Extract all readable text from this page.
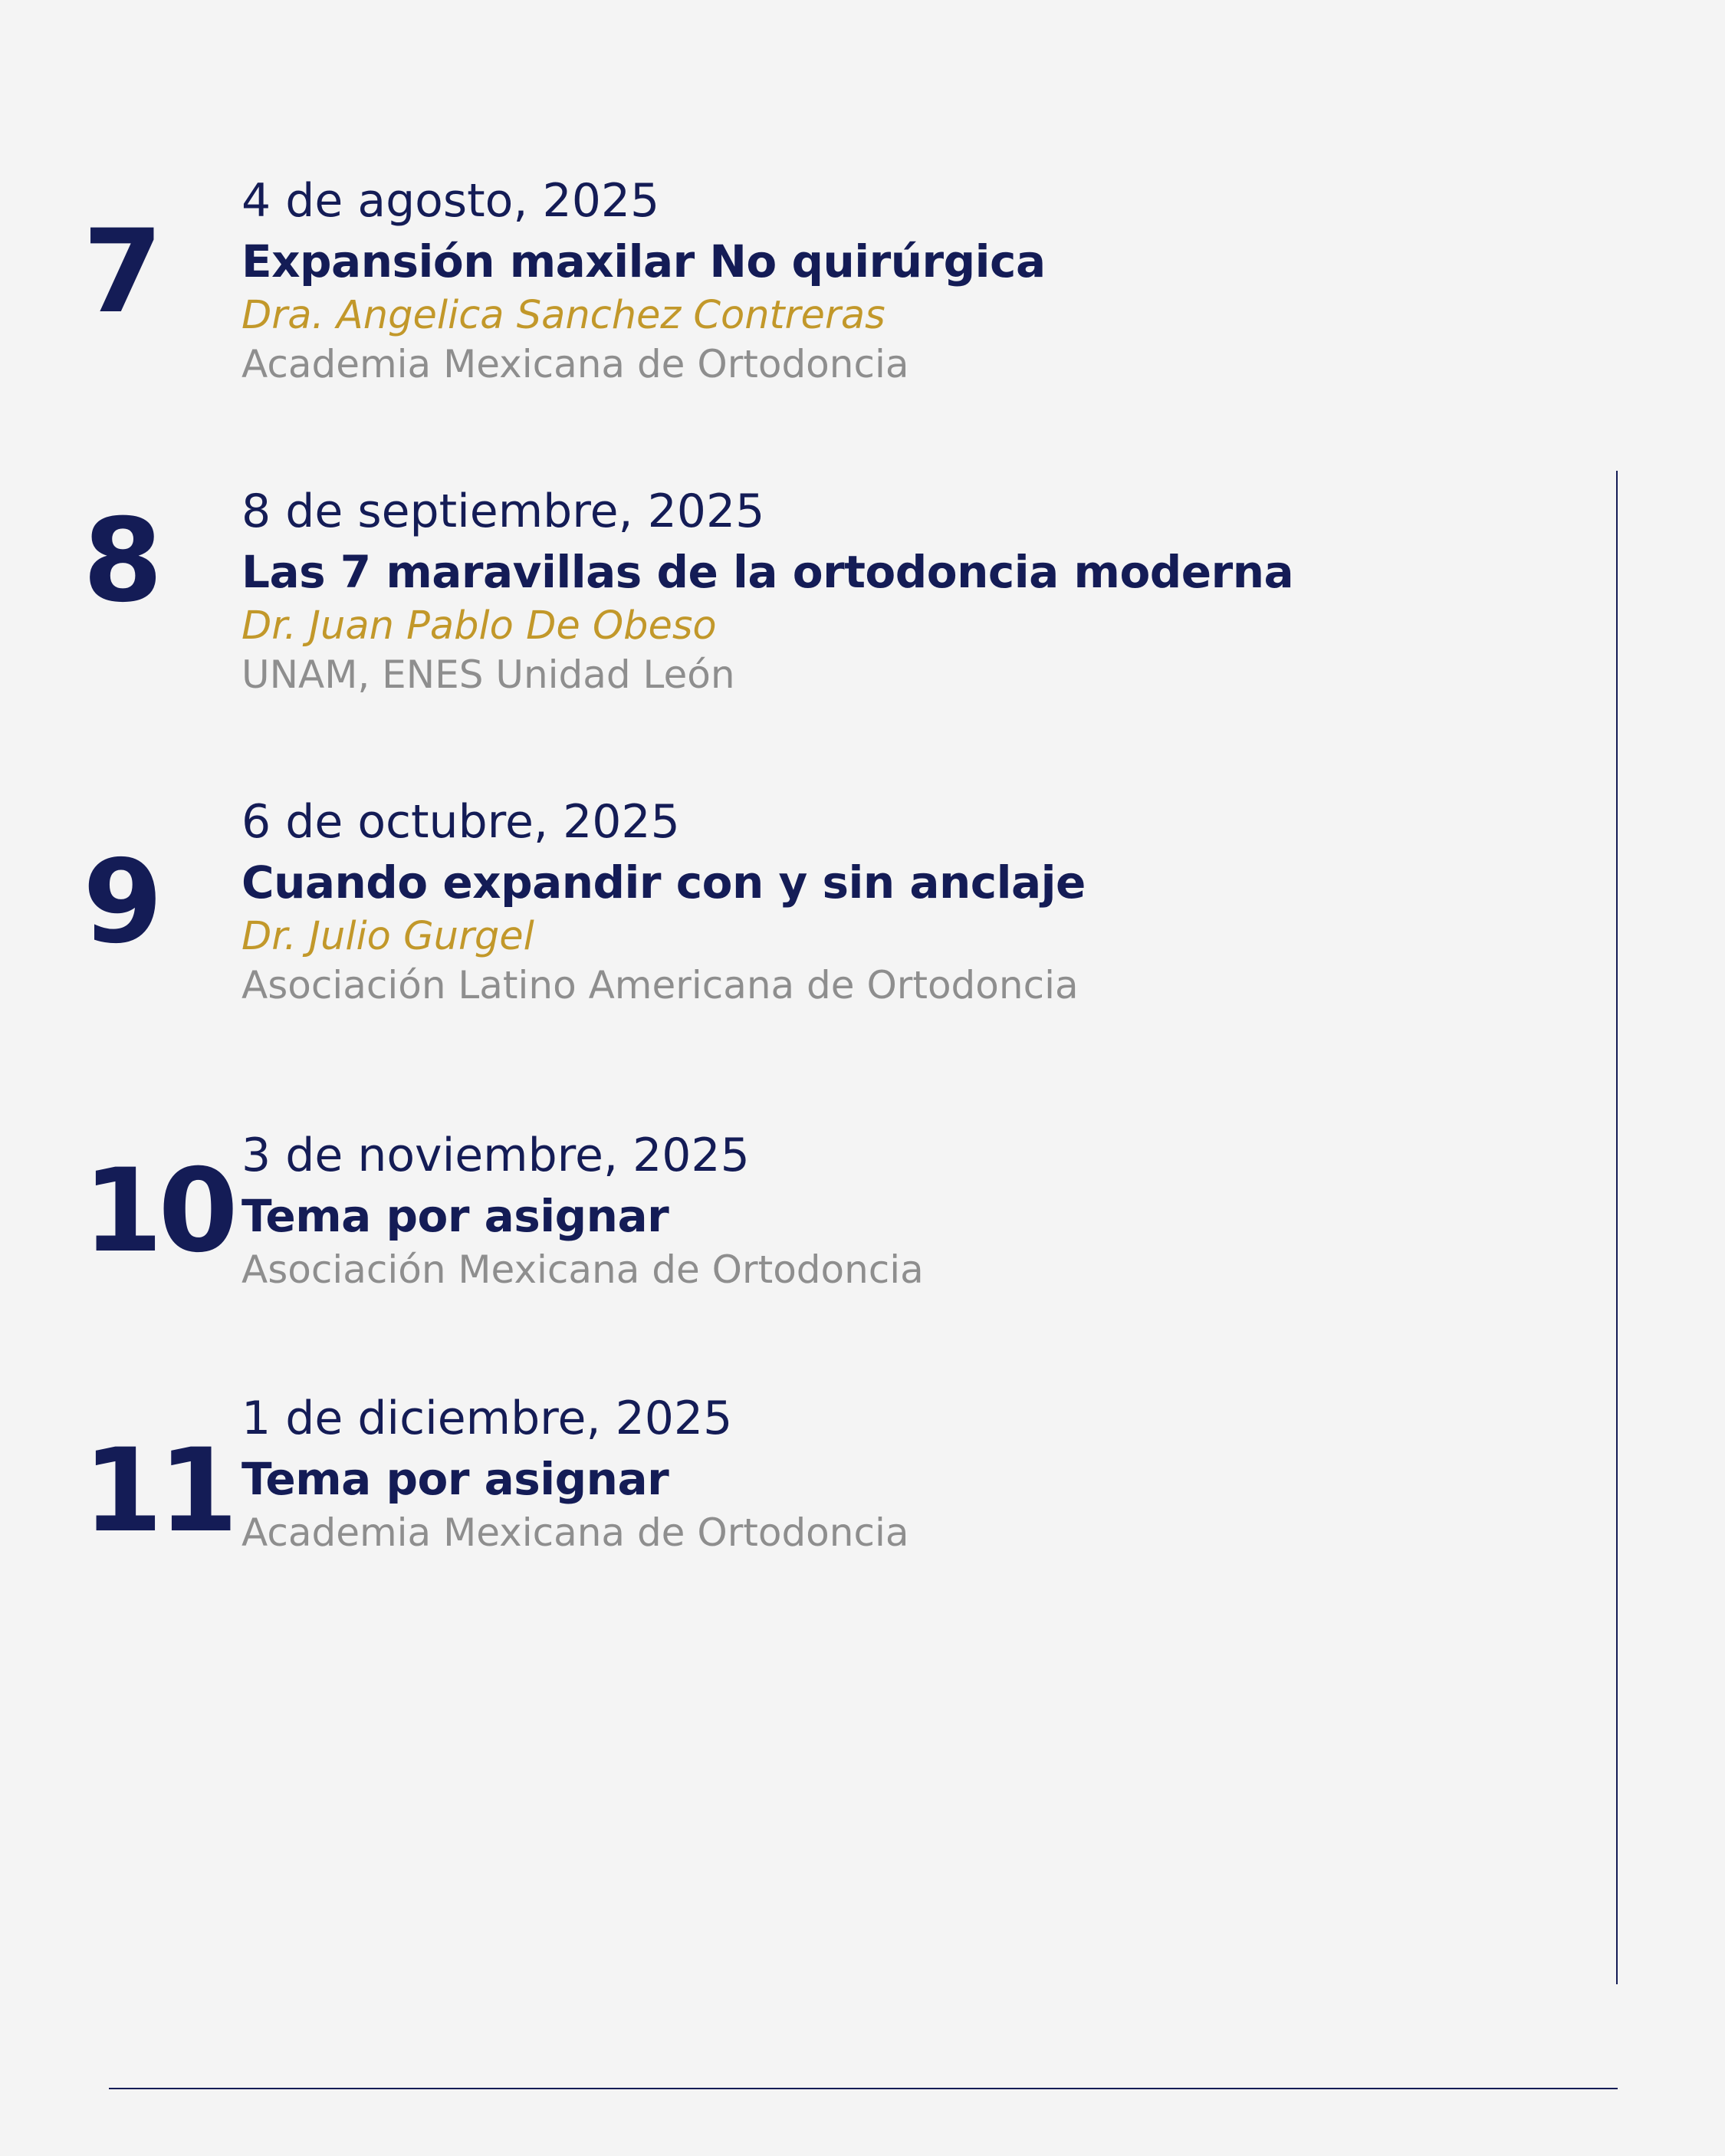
7
4 de agosto, 2025
Expansión maxilar No quirúrgica
Dra. Angelica Sanchez Contreras
Academia Mexicana de Ortodoncia
8 8 de septiembre, 2025
Las 7 maravillas de la ortodoncia moderna
Dr. Juan Pablo De Obeso
UNAM, ENES Unidad León
9
6 de octubre, 2025
Cuando expandir con y sin anclaje
Dr. Julio Gurgel
Asociación Latino Americana de Ortodoncia
10 3 de noviembre, 2025
Tema por asignar
Asociación Mexicana de Ortodoncia
11
1 de diciembre, 2025
Tema por asignar
Academia Mexicana de Ortodoncia
